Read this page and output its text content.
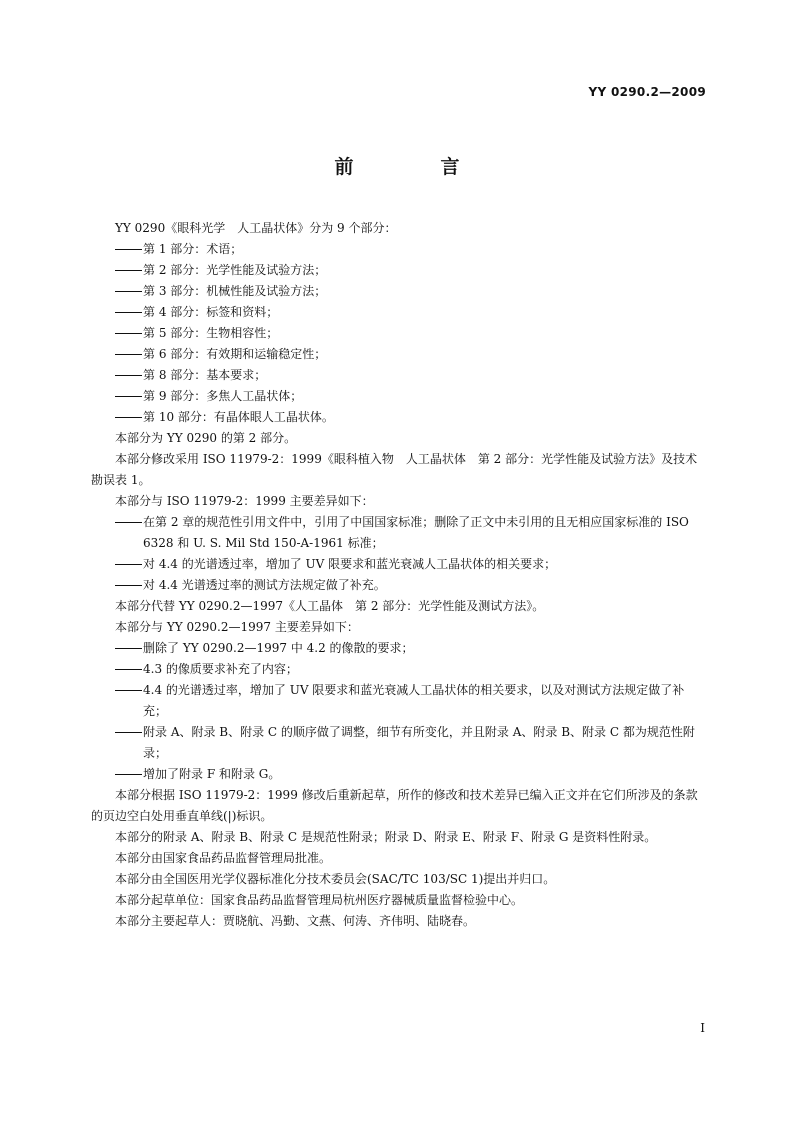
YY 0290.2—2009
前　言
YY 0290《眼科光学　人工晶状体》分为 9 个部分：
第 1 部分：术语；
第 2 部分：光学性能及试验方法；
第 3 部分：机械性能及试验方法；
第 4 部分：标签和资料；
第 5 部分：生物相容性；
第 6 部分：有效期和运输稳定性；
第 8 部分：基本要求；
第 9 部分：多焦人工晶状体；
第 10 部分：有晶体眼人工晶状体。
本部分为 YY 0290 的第 2 部分。
本部分修改采用 ISO 11979-2：1999《眼科植入物　人工晶状体　第 2 部分：光学性能及试验方法》及技术勘误表 1。
本部分与 ISO 11979-2：1999 主要差异如下：
在第 2 章的规范性引用文件中，引用了中国国家标准；删除了正文中未引用的且无相应国家标准的 ISO 6328 和 U. S. Mil Std 150-A-1961 标准；
对 4.4 的光谱透过率，增加了 UV 限要求和蓝光衰减人工晶状体的相关要求；
对 4.4 光谱透过率的测试方法规定做了补充。
本部分代替 YY 0290.2—1997《人工晶体　第 2 部分：光学性能及测试方法》。
本部分与 YY 0290.2—1997 主要差异如下：
删除了 YY 0290.2—1997 中 4.2 的像散的要求；
4.3 的像质要求补充了内容；
4.4 的光谱透过率，增加了 UV 限要求和蓝光衰减人工晶状体的相关要求，以及对测试方法规定做了补充；
附录 A、附录 B、附录 C 的顺序做了调整，细节有所变化，并且附录 A、附录 B、附录 C 都为规范性附录；
增加了附录 F 和附录 G。
本部分根据 ISO 11979-2：1999 修改后重新起草，所作的修改和技术差异已编入正文并在它们所涉及的条款的页边空白处用垂直单线(|)标识。
本部分的附录 A、附录 B、附录 C 是规范性附录；附录 D、附录 E、附录 F、附录 G 是资料性附录。
本部分由国家食品药品监督管理局批准。
本部分由全国医用光学仪器标准化分技术委员会(SAC/TC 103/SC 1)提出并归口。
本部分起草单位：国家食品药品监督管理局杭州医疗器械质量监督检验中心。
本部分主要起草人：贾晓航、冯勤、文燕、何涛、齐伟明、陆晓春。
I
